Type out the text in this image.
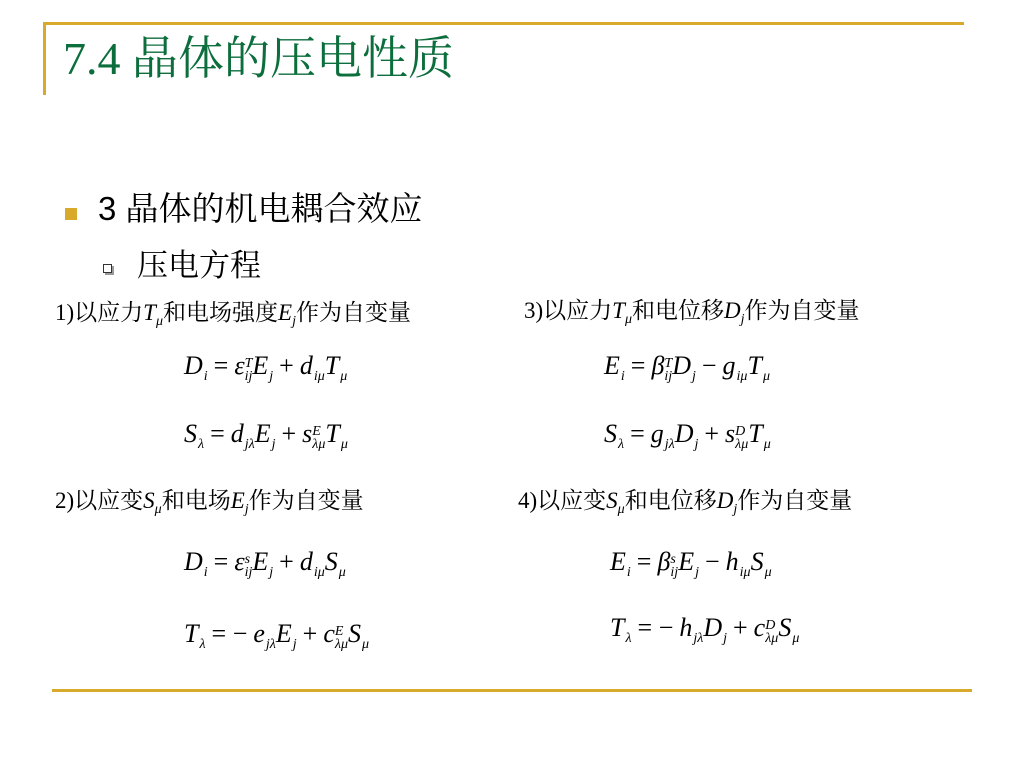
7.4 晶体的压电性质
3 晶体的机电耦合效应
压电方程
1)以应力$T_\mu$和电场强度$E_j$作为自变量
$D_i = \varepsilon$ T
ij $E_j + d_{i\mu}T_\mu$
$S_\lambda = d_{j\lambda}E_j + s$ E
λμ $T_\mu$
2)以应变$S_\mu$和电场$E_j$作为自变量
$D_i = \varepsilon$ s
ij $E_j + d_{i\mu}S_\mu$
$T_\lambda$ = − $e_{j\lambda}E_j + c$ E
λμ $S_\mu$
3)以应力$T_\mu$和电位移$D_j$作为自变量
$E_i = \beta$ T
ij $D_j - g_{i\mu}T_\mu$
$S_\lambda = g_{j\lambda}D_j + s$ D
λμ $T_\mu$
4)以应变$S_\mu$和电位移$D_j$作为自变量
$E_i = \beta$ s
ij $E_j - h_{i\mu}S_\mu$
$T_\lambda$ = − $h_{j\lambda}D_j + c$ D
λμ $S_\mu$
